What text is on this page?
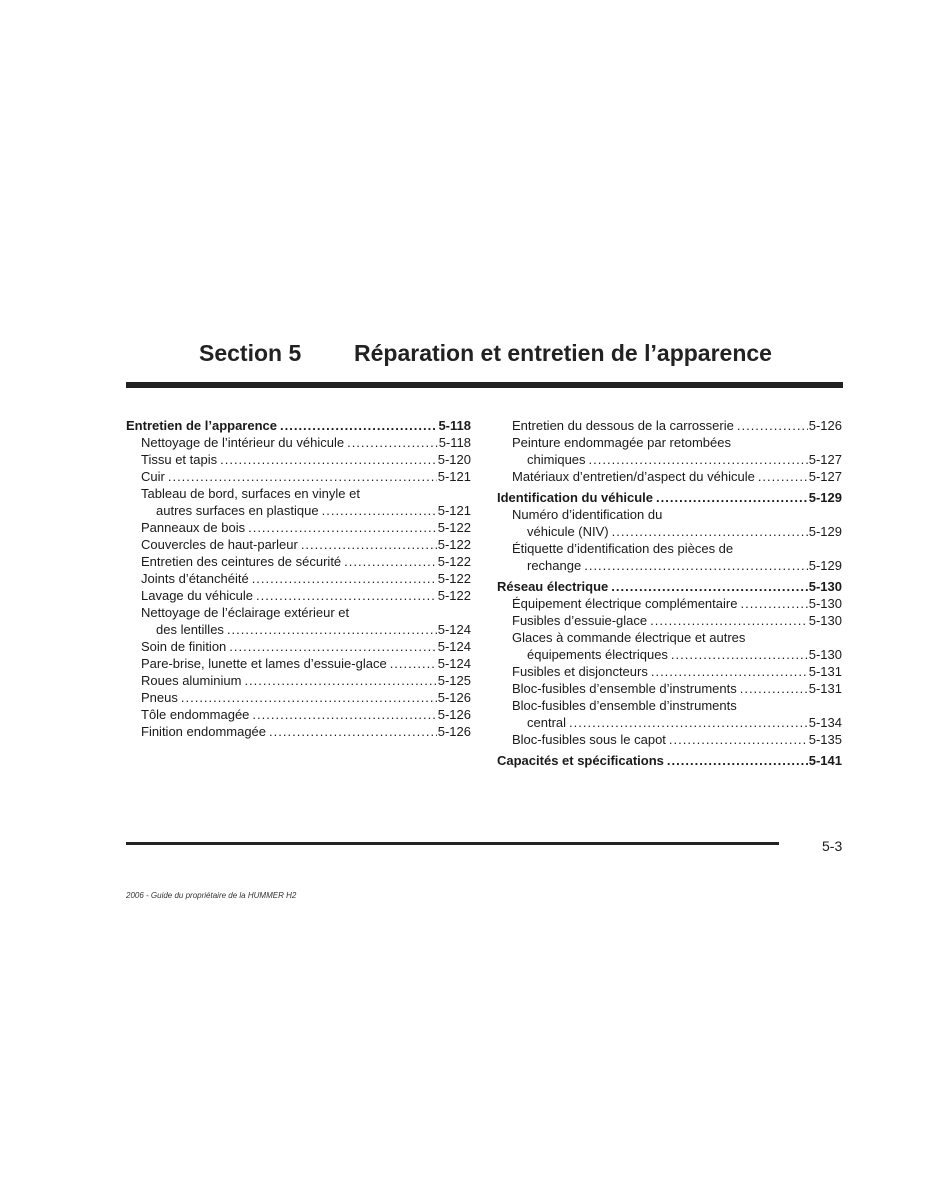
Section 5 Réparation et entretien de l’apparence
Entretien de l’apparence .....	5-118
Nettoyage de l’intérieur du véhicule .....	5-118
Tissu et tapis .....	5-120
Cuir .....	5-121
Tableau de bord, surfaces en vinyle et
autres surfaces en plastique .....	5-121
Panneaux de bois .....	5-122
Couvercles de haut-parleur .....	5-122
Entretien des ceintures de sécurité .....	5-122
Joints d’étanchéité .....	5-122
Lavage du véhicule .....	5-122
Nettoyage de l’éclairage extérieur et
des lentilles .....	5-124
Soin de finition .....	5-124
Pare-brise, lunette et lames d’essuie-glace .....	5-124
Roues aluminium .....	5-125
Pneus .....	5-126
Tôle endommagée .....	5-126
Finition endommagée .....	5-126
Entretien du dessous de la carrosserie .....	5-126
Peinture endommagée par retombées
chimiques .....	5-127
Matériaux d’entretien/d’aspect du véhicule .....	5-127
Identification du véhicule .....	5-129
Numéro d’identification du
véhicule (NIV) .....	5-129
Étiquette d’identification des pièces de
rechange .....	5-129
Réseau électrique .....	5-130
Équipement électrique complémentaire .....	5-130
Fusibles d’essuie-glace .....	5-130
Glaces à commande électrique et autres
équipements électriques .....	5-130
Fusibles et disjoncteurs .....	5-131
Bloc-fusibles d’ensemble d’instruments .....	5-131
Bloc-fusibles d’ensemble d’instruments
central .....	5-134
Bloc-fusibles sous le capot .....	5-135
Capacités et spécifications .....	5-141
5-3
2006 - Guide du propriétaire de la HUMMER H2
